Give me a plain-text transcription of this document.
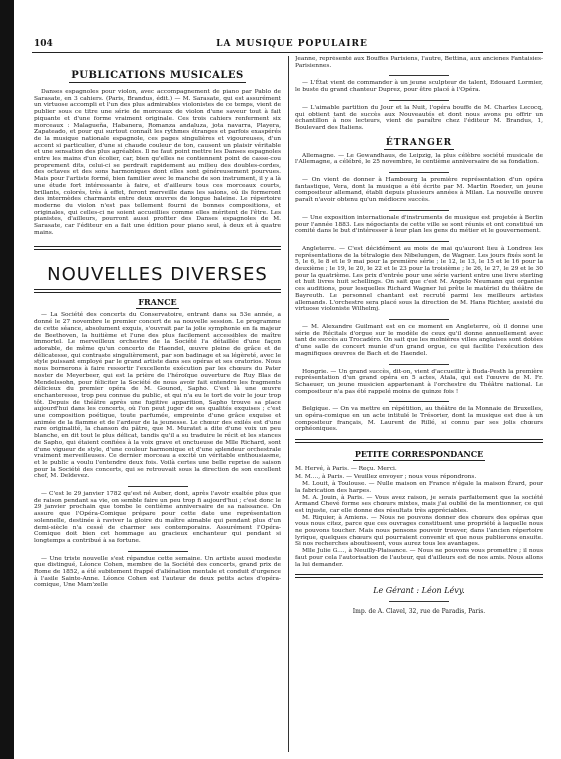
104	LA MUSIQUE POPULAIRE
PUBLICATIONS MUSICALES

Danses espagnoles pour violon, avec accompagnement de piano par Pablo de Sarasate, en 3 cahiers. (Paris, Brandus, édit.) — M. Sarasate, qui est assurément un virtuose accompli et l'un des plus admirables violonistes de ce temps, vient de publier sous ce titre une série de morceaux de violon d'une saveur tout à fait piquante et d'une forme vraiment originale. Ces trois cahiers renferment six morceaux : Malagueña, Habanera, Romanza andaluza, jota navarra, Playera, Zapateado, et pour qui surtout connaît les rythmes étranges et parfois exaspérés de la musique nationale espagnole, ces pages singulières et vigoureuses, d'un accent si particulier, d'une si chaude couleur de ton, causent un plaisir véritable et une sensation des plus agréables. Il ne faut point mettre les Danses espagnoles entre les mains d'un écolier, car, bien qu'elles ne contiennent point de casse-cou proprement dits, celui-ci se perdrait rapidement au milieu des doubles-cordes, des octaves et des sons harmoniques dont elles sont généreusement pourvues. Mais pour l'artiste formé, bien familier avec le manche de son instrument, il y a là une étude fort intéressante à faire, et d'ailleurs tous ces morceaux courts, brillants, colorés, très à effet, feront merveille dans les salons, où ils formeront des intermèdes charmants entre deux œuvres de longue haleine. Le répertoire moderne du violon n'est pas tellement fourni de bonnes compositions, et originales, qui celles-ci ne soient accueillies comme elles méritent de l'être. Les pianistes, d'ailleurs, pourront aussi profiter des Danses espagnoles de M. Sarasate, car l'éditeur en a fait une édition pour piano seul, à deux et à quatre mains.

NOUVELLES DIVERSES
FRANCE

— La Société des concerts du Conservatoire, entrant dans sa 53e année, a donné le 27 novembre le premier concert de sa nouvelle session. Le programme de cette séance, absolument exquis, s'ouvrait par la jolie symphonie en fa majeur de Beethoven, la huitième et l'une des plus facilement accessibles de maître immortel. Le merveilleux orchestre de la Société l'a détaillée d'une façon adorable, de même qu'un concerto de Haendel, œuvre pleine de grâce et de délicatesse, qui contraste singulièrement, par son badinage et sa légèreté, avec le style puissant employé par le grand artiste dans ses opéras et ses oratorios. Nous nous bornerons à faire ressortir l'excellente exécution par les chœurs du Pater noster de Meyerbeer, qui est la prière de l'héroïque ouverture de Ruy Blas de Mendelssohn, pour féliciter la Société de nous avoir fait entendre les fragments délicieux du premier opéra de M. Gounod, Sapho. C'est là une œuvre enchanteresse, trop peu connue du public, et qui n'a eu le tort de voir le jour trop tôt. Depuis de théâtre après une fugitive apparition, Sapho trouve sa place aujourd'hui dans les concerts, où l'on peut juger de ses qualités exquises ; c'est une composition poétique, toute parfumée, empreinte d'une grâce exquise et animée de la flamme et de l'ardeur de la jeunesse. Le chœur des exilés est d'une rare originalité, la chanson du pâtre, que M. Muratet a dite d'une voix un peu blanche, en dit tout le plus délicat, tandis qu'il a su traduire le récit et les stances de Sapho, qui étaient confiées à la voix grave et onctueuse de Mlle Richard, sont d'une vigueur de style, d'une couleur harmonique et d'une splendeur orchestrale vraiment merveilleuses. Ce dernier morceau a excité un véritable enthousiasme, et le public a voulu l'entendre deux fois. Voilà certes une belle reprise de saison pour la Société des concerts, qui se retrouvait sous la direction de son excellent chef, M. Deldevez.

— C'est le 29 janvier 1782 qu'est né Auber, dont, après l'avoir exaltée plus que de raison pendant sa vie, on semble faire un peu trop fi aujourd'hui ; c'est donc le 29 janvier prochain que tombe le centième anniversaire de sa naissance. On assure que l'Opéra-Comique prépare pour cette date une représentation solennelle, destinée à raviver la gloire du maître aimable qui pendant plus d'un demi-siècle n'a cessé de charmer ses contemporains. Assurément l'Opéra-Comique doit bien cet hommage au gracieux enchanteur qui pendant si longtemps a contribué à sa fortune.

— Une triste nouvelle s'est répandue cette semaine. Un artiste aussi modeste que distingué, Léonce Cohen, membre de la Société des concerts, grand prix de Rome de 1852, a été subitement frappé d'aliénation mentale et conduit d'urgence à l'asile Sainte-Anne. Léonce Cohen est l'auteur de deux petits actes d'opéra-comique, Une Mam'zelle

Jeanne, représenté aux Bouffes Parisiens, l'autre, Bettina, aux ancienes Fantaisies-Parisiennes.

— L'État vient de commander à un jeune sculpteur de talent, Edouard Lormier, le buste du grand chanteur Duprez, pour être placé à l'Opéra.

— L'aimable partition du Jour et la Nuit, l'opéra bouffe de M. Charles Lecocq, qui obtient tant de succès aux Nouveautés et dont nous avons pu offrir un échantillon à nos lecteurs, vient de paraître chez l'éditeur M. Brandus, 1, Boulevard des Italiens.

ÉTRANGER

Allemagne. — Le Gewandhaus, de Leipzig, la plus célèbre société musicale de l'Allemagne, a célébré, le 25 novembre, le centième anniversaire de sa fondation.

— On vient de donner à Hambourg la première représentation d'un opéra fantastique, Vera, dont la musique a été écrite par M. Martin Roeder, un jeune compositeur allemand, établi depuis plusieurs années à Milan. La nouvelle œuvre paraît n'avoir obtenu qu'un médiocre succès.

— Une exposition internationale d'instruments de musique est projetée à Berlin pour l'année 1883. Les négociants de cette ville se sont réunis et ont constitué un comité dans le but d'intéresser à leur plan les gens du métier et le gouvernement.

Angleterre. — C'est décidément au mois de mai qu'auront lieu à Londres les représentations de la tétralogie des Nibelungen, de Wagner. Les jours fixés sont le 5, le 6, le 8 et le 9 mai pour la première série ; le 12, le 13, le 15 et le 16 pour la deuxième ; le 19, le 20, le 22 et le 23 pour la troisième ; le 26, le 27, le 29 et le 30 pour la quatrième. Les prix d'entrée pour une série varient entre une livre sterling et huit livres huit schellings. On sait que c'est M. Angelo Neumann qui organise ces auditions, pour lesquelles Richard Wagner lui prête le matériel du théâtre de Bayreuth. Le personnel chantant est recruté parmi les meilleurs artistes allemands. L'orchestre sera placé sous la direction de M. Hans Richter, assisté du virtuose violoniste Wilhelmj.

— M. Alexandre Guilmant est en ce moment en Angleterre, où il donne une série de Récitals d'orgue sur le modèle de ceux qu'il donne annuellement avec tant de succès au Trocadéro. On sait que les molnières villes anglaises sont dotées d'une salle de concert munie d'un grand orgue, ce qui facilite l'exécution des magnifiques œuvres de Bach et de Haendel.

Hongrie. — Un grand succès, dit-on, vient d'accueillir à Buda-Pesth la première représentation d'un grand opéra en 5 actes, Atala, qui est l'œuvre de M. Fr. Schaeuer, un jeune musicien appartenant à l'orchestre du Théâtre national. Le compositeur n'a pas été rappelé moins de quinze fois !

Belgique. — On va mettre en répétition, au théâtre de la Monnaie de Bruxelles, un opéra-comique en un acte intitulé le Trésorier, dont la musique est due à un compositeur français, M. Laurent de Rillé, si connu par ses jolis chœurs orphéoniques.

PETITE CORRESPONDANCE

M. Hervé, à Paris. — Reçu. Merci.

M. M...., à Paris. — Veuillez envoyer ; nous vous répondrons.

M. Louit, à Toulouse. — Nulle maison en France n'égale la maison Érard, pour la fabrication des harpes.

M. A. Jouin, à Paris. — Vous avez raison, je serais parfaitement que la société Armand Chevé forme ses chœurs mixtes, mais j'ai oublié de la mentionner, ce qui est injuste, car elle donne des résultats très appréciables.

M. Riquier, à Amiens. — Nous ne pouvons donner des chœurs des opéras que vous nous citez, parce que ces ouvrages constituent une propriété à laquelle nous ne pouvons toucher. Mais nous pensons pouvoir trouver, dans l'ancien répertoire lyrique, quelques chœurs qui pourraient convenir et que nous publierons ensuite. Si nos recherches aboutissent, vous aurez tous les avantages.

Mlle Julie G...., à Neuilly-Plaisance. — Nous ne pouvons vous promettre ; il nous faut pour cela l'autorisation de l'auteur, qui d'ailleurs est de nos amis. Nous allons la lui demander.

Le Gérant : Léon Lévy.
Imp. de A. Clavel, 32, rue de Paradis, Paris.
